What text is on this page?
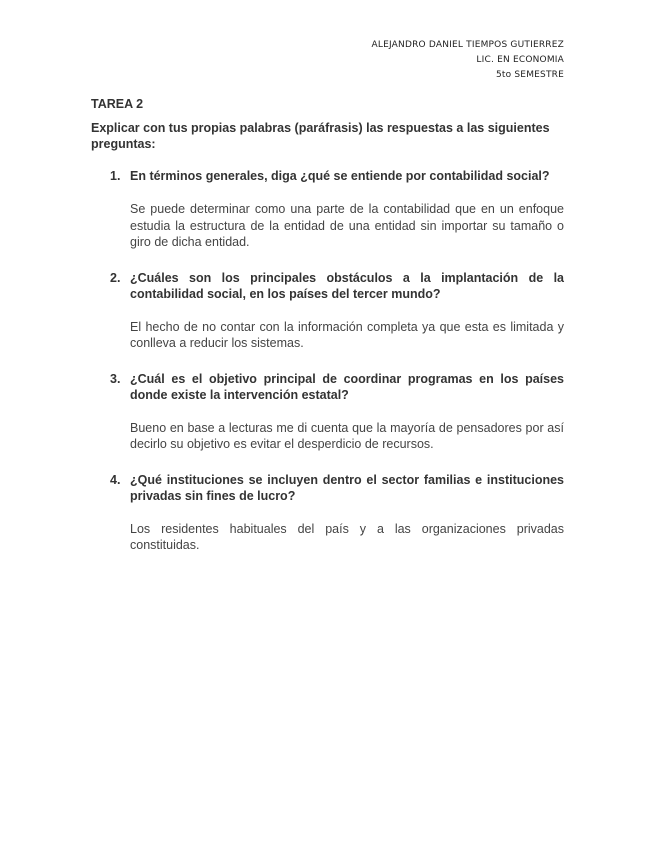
ALEJANDRO DANIEL TIEMPOS GUTIERREZ
LIC. EN ECONOMIA
5to SEMESTRE

TAREA 2

Explicar con tus propias palabras (paráfrasis) las respuestas a las siguientes preguntas:

1. En términos generales, diga ¿qué se entiende por contabilidad social?

Se puede determinar como una parte de la contabilidad que en un enfoque estudia la estructura de la entidad de una entidad sin importar su tamaño o giro de dicha entidad.

2. ¿Cuáles son los principales obstáculos a la implantación de la contabilidad social, en los países del tercer mundo?

El hecho de no contar con la información completa ya que esta es limitada y conlleva a reducir los sistemas.

3. ¿Cuál es el objetivo principal de coordinar programas en los países donde existe la intervención estatal?

Bueno en base a lecturas me di cuenta que la mayoría de pensadores por así decirlo su objetivo es evitar el desperdicio de recursos.

4. ¿Qué instituciones se incluyen dentro el sector familias e instituciones privadas sin fines de lucro?

Los residentes habituales del país y a las organizaciones privadas constituidas.
